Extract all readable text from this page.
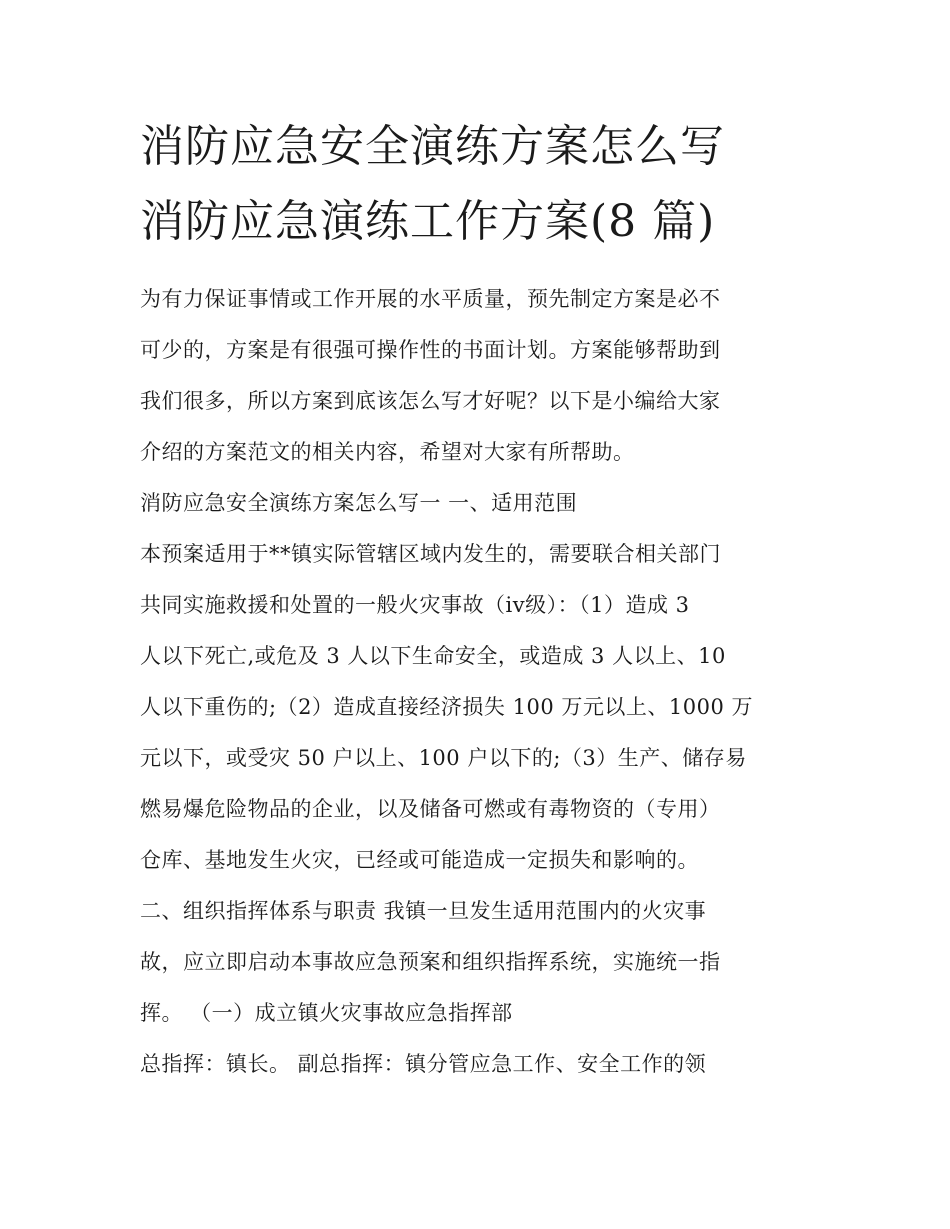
消防应急安全演练方案怎么写
消防应急演练工作方案(8 篇)
为有力保证事情或工作开展的水平质量，预先制定方案是必不
可少的，方案是有很强可操作性的书面计划。方案能够帮助到
我们很多，所以方案到底该怎么写才好呢？以下是小编给大家
介绍的方案范文的相关内容，希望对大家有所帮助。
消防应急安全演练方案怎么写一 一、适用范围
本预案适用于**镇实际管辖区域内发生的，需要联合相关部门
共同实施救援和处置的一般火灾事故（iv级）：（1）造成 3
人以下死亡,或危及 3 人以下生命安全，或造成 3 人以上、10
人以下重伤的;（2）造成直接经济损失 100 万元以上、1000 万
元以下，或受灾 50 户以上、100 户以下的;（3）生产、储存易
燃易爆危险物品的企业，以及储备可燃或有毒物资的（专用）
仓库、基地发生火灾，已经或可能造成一定损失和影响的。
二、组织指挥体系与职责 我镇一旦发生适用范围内的火灾事
故，应立即启动本事故应急预案和组织指挥系统，实施统一指
挥。 （一）成立镇火灾事故应急指挥部
总指挥：镇长。 副总指挥：镇分管应急工作、安全工作的领
